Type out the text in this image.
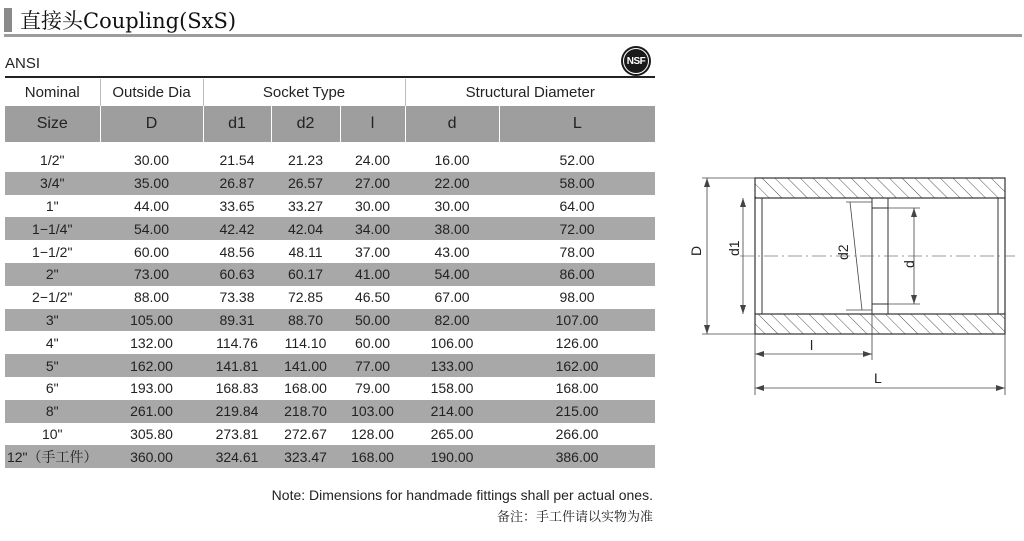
直接头Coupling(SxS)
ANSI	NSF
Nominal	Outside Dia	Socket Type			Structural Diameter	
Size	D	d1	d2	l	d	L

1/2"	30.00	21.54	21.23	24.00	16.00	52.00
3/4"	35.00	26.87	26.57	27.00	22.00	58.00
1"	44.00	33.65	33.27	30.00	30.00	64.00
1−1/4"	54.00	42.42	42.04	34.00	38.00	72.00
1−1/2"	60.00	48.56	48.11	37.00	43.00	78.00
2"	73.00	60.63	60.17	41.00	54.00	86.00
2−1/2"	88.00	73.38	72.85	46.50	67.00	98.00
3"	105.00	89.31	88.70	50.00	82.00	107.00
4"	132.00	114.76	114.10	60.00	106.00	126.00
5"	162.00	141.81	141.00	77.00	133.00	162.00
6"	193.00	168.83	168.00	79.00	158.00	168.00
8"	261.00	219.84	218.70	103.00	214.00	215.00
10"	305.80	273.81	272.67	128.00	265.00	266.00
12"（手工件）	360.00	324.61	323.47	168.00	190.00	386.00
Note: Dimensions for handmade fittings shall per actual ones.
备注：手工件请以实物为准
D d1	d2
d
l
L
